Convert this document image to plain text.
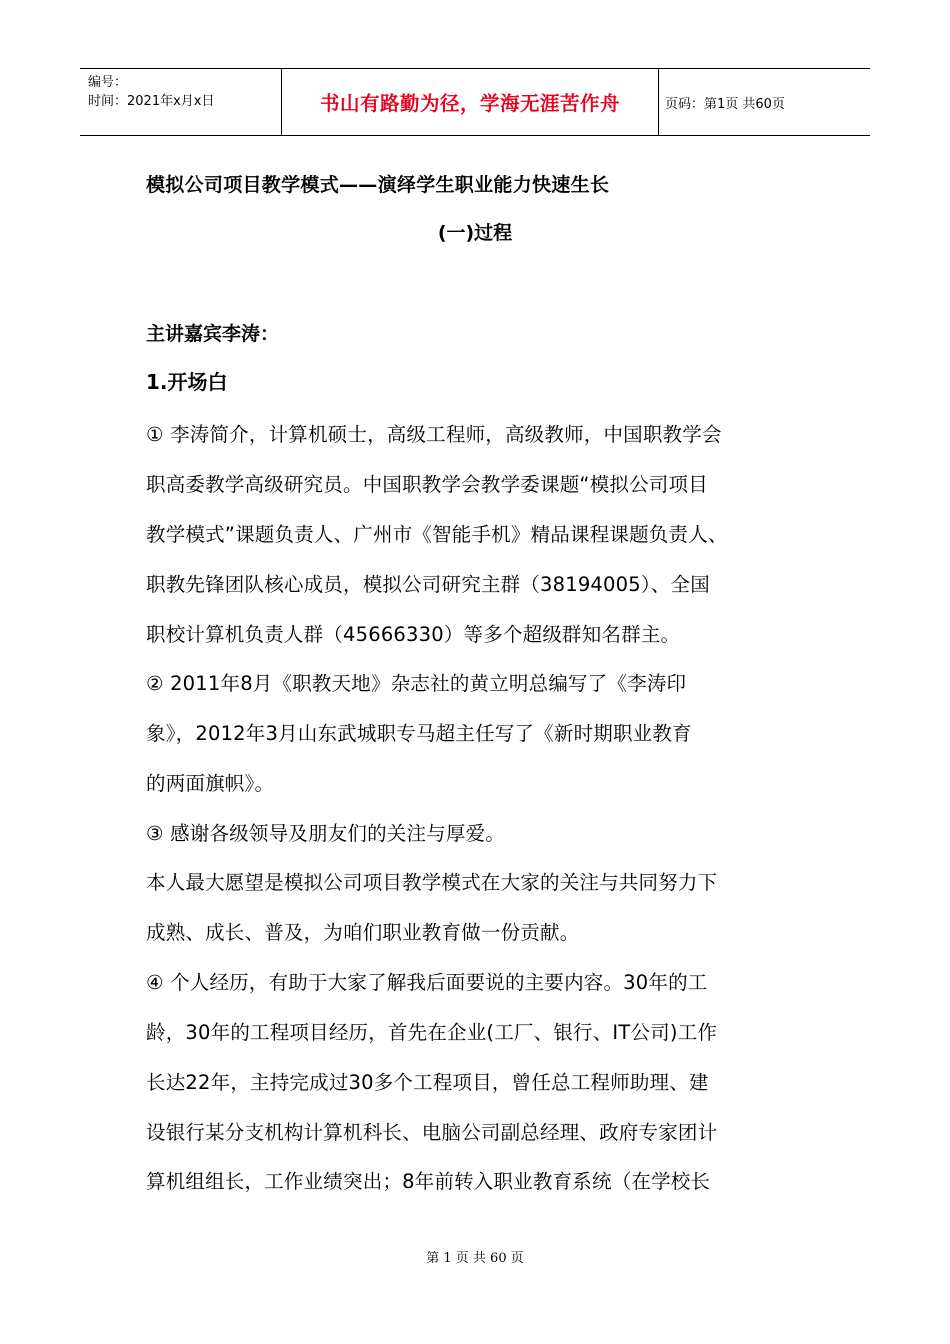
编号：
时间：2021年x月x日	书山有路勤为径，学海无涯苦作舟	页码：第1页 共60页
模拟公司项目教学模式——演绎学生职业能力快速生长
(一)过程
主讲嘉宾李涛：
1.开场白
① 李涛简介，计算机硕士，高级工程师，高级教师，中国职教学会
职高委教学高级研究员。中国职教学会教学委课题“模拟公司项目
教学模式”课题负责人、广州市《智能手机》精品课程课题负责人、
职教先锋团队核心成员，模拟公司研究主群（38194005）、全国
职校计算机负责人群（45666330）等多个超级群知名群主。
② 2011年8月《职教天地》杂志社的黄立明总编写了《李涛印
象》，2012年3月山东武城职专马超主任写了《新时期职业教育
的两面旗帜》。
③ 感谢各级领导及朋友们的关注与厚爱。
本人最大愿望是模拟公司项目教学模式在大家的关注与共同努力下
成熟、成长、普及，为咱们职业教育做一份贡献。
④ 个人经历，有助于大家了解我后面要说的主要内容。30年的工
龄，30年的工程项目经历，首先在企业(工厂、银行、IT公司)工作
长达22年，主持完成过30多个工程项目，曾任总工程师助理、建
设银行某分支机构计算机科长、电脑公司副总经理、政府专家团计
算机组组长，工作业绩突出；8年前转入职业教育系统（在学校长
第 1 页 共 60 页
